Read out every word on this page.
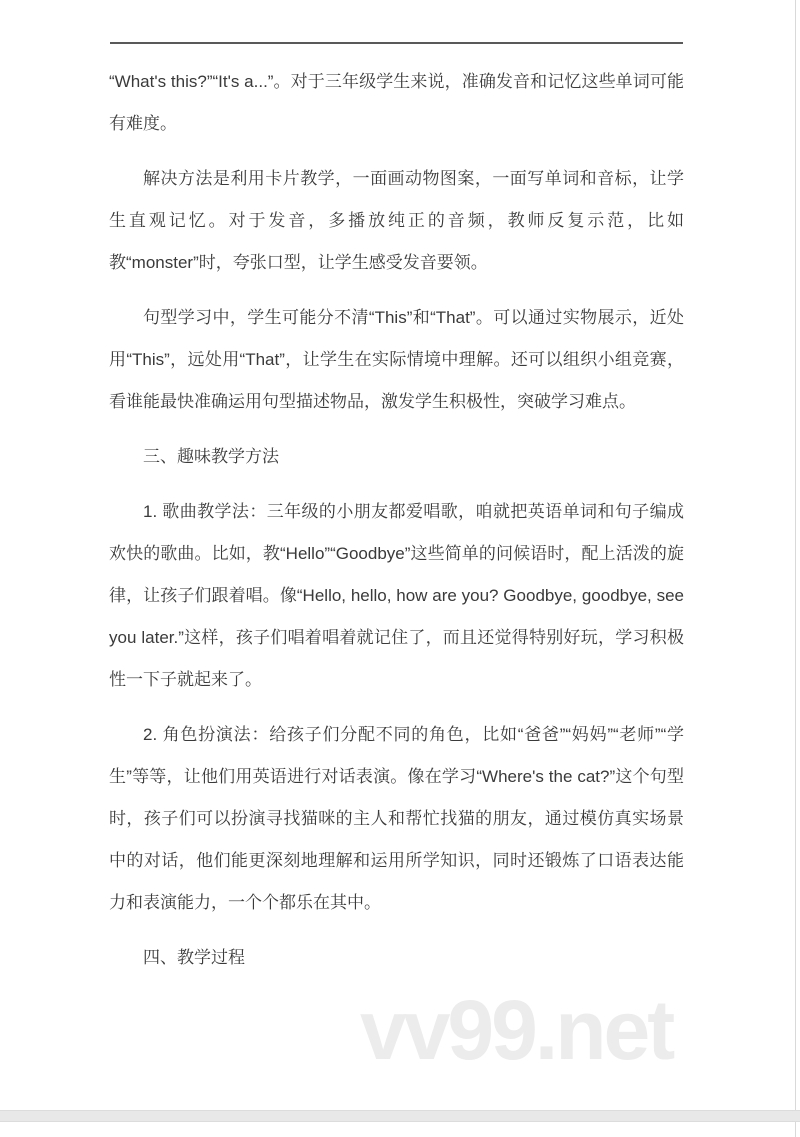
“What's this?”“It's a...”。对于三年级学生来说，准确发音和记忆这些单词可能有难度。

解决方法是利用卡片教学，一面画动物图案，一面写单词和音标，让学生直观记忆。对于发音，多播放纯正的音频，教师反复示范，比如教“monster”时，夸张口型，让学生感受发音要领。

句型学习中，学生可能分不清“This”和“That”。可以通过实物展示，近处用“This”，远处用“That”，让学生在实际情境中理解。还可以组织小组竞赛，看谁能最快准确运用句型描述物品，激发学生积极性，突破学习难点。

三、趣味教学方法

1. 歌曲教学法：三年级的小朋友都爱唱歌，咱就把英语单词和句子编成欢快的歌曲。比如，教“Hello”“Goodbye”这些简单的问候语时，配上活泼的旋律，让孩子们跟着唱。像“Hello, hello, how are you? Goodbye, goodbye, see you later.”这样，孩子们唱着唱着就记住了，而且还觉得特别好玩，学习积极性一下子就起来了。

2. 角色扮演法：给孩子们分配不同的角色，比如“爸爸”“妈妈”“老师”“学生”等等，让他们用英语进行对话表演。像在学习“Where's the cat?”这个句型时，孩子们可以扮演寻找猫咪的主人和帮忙找猫的朋友，通过模仿真实场景中的对话，他们能更深刻地理解和运用所学知识，同时还锻炼了口语表达能力和表演能力，一个个都乐在其中。

四、教学过程

vv99.net
